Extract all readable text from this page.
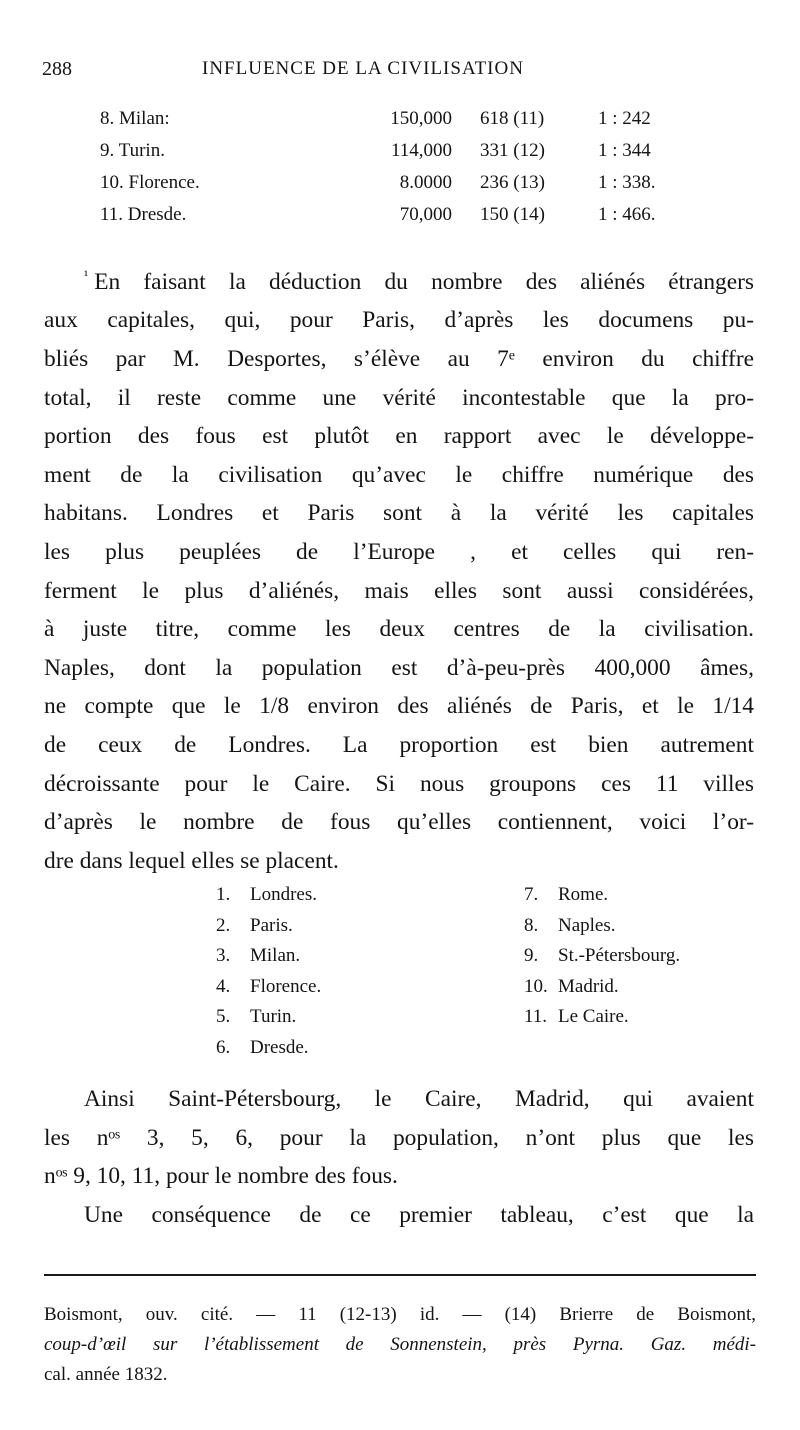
288	INFLUENCE DE LA CIVILISATION
8. Milan:	150,000 618 (11)	1 : 242
9. Turin.	114,000 331 (12)	1 : 344
10. Florence.	8.0000 236 (13)	1 : 338.
11. Dresde.	70,000 150 (14)	1 : 466.
$^{^1}$ En faisant la déduction du nombre des aliénés étrangers
aux capitales, qui, pour Paris, d’après les documens pu-
bliés par M. Desportes, s’élève au 7ᵉ environ du chiffre
total, il reste comme une vérité incontestable que la pro-
portion des fous est plutôt en rapport avec le développe-
ment de la civilisation qu’avec le chiffre numérique des
habitans. Londres et Paris sont à la vérité les capitales
les plus peuplées de l’Europe , et celles qui ren-
ferment le plus d’aliénés, mais elles sont aussi considérées,
à juste titre, comme les deux centres de la civilisation.
Naples, dont la population est d’à-peu-près 400,000 âmes,
ne compte que le 1/8 environ des aliénés de Paris, et le 1/14
de ceux de Londres. La proportion est bien autrement
décroissante pour le Caire. Si nous groupons ces 11 villes
d’après le nombre de fous qu’elles contiennent, voici l’or-
dre dans lequel elles se placent.
1. Londres.
2. Paris.
3. Milan.
4. Florence.
5. Turin.
6. Dresde.
7. Rome.
8. Naples.
9. St.-Pétersbourg.
10. Madrid.
11. Le Caire.
Ainsi Saint-Pétersbourg, le Caire, Madrid, qui avaient
les nᵒˢ 3, 5, 6, pour la population, n’ont plus que les
nᵒˢ 9, 10, 11, pour le nombre des fous.
Une conséquence de ce premier tableau, c’est que la
Boismont, ouv. cité. — 11 (12-13) id. — (14) Brierre de Boismont,
coup-d’œil sur l’établissement de Sonnenstein, près Pyrna. Gaz. médi-
cal. année 1832.
